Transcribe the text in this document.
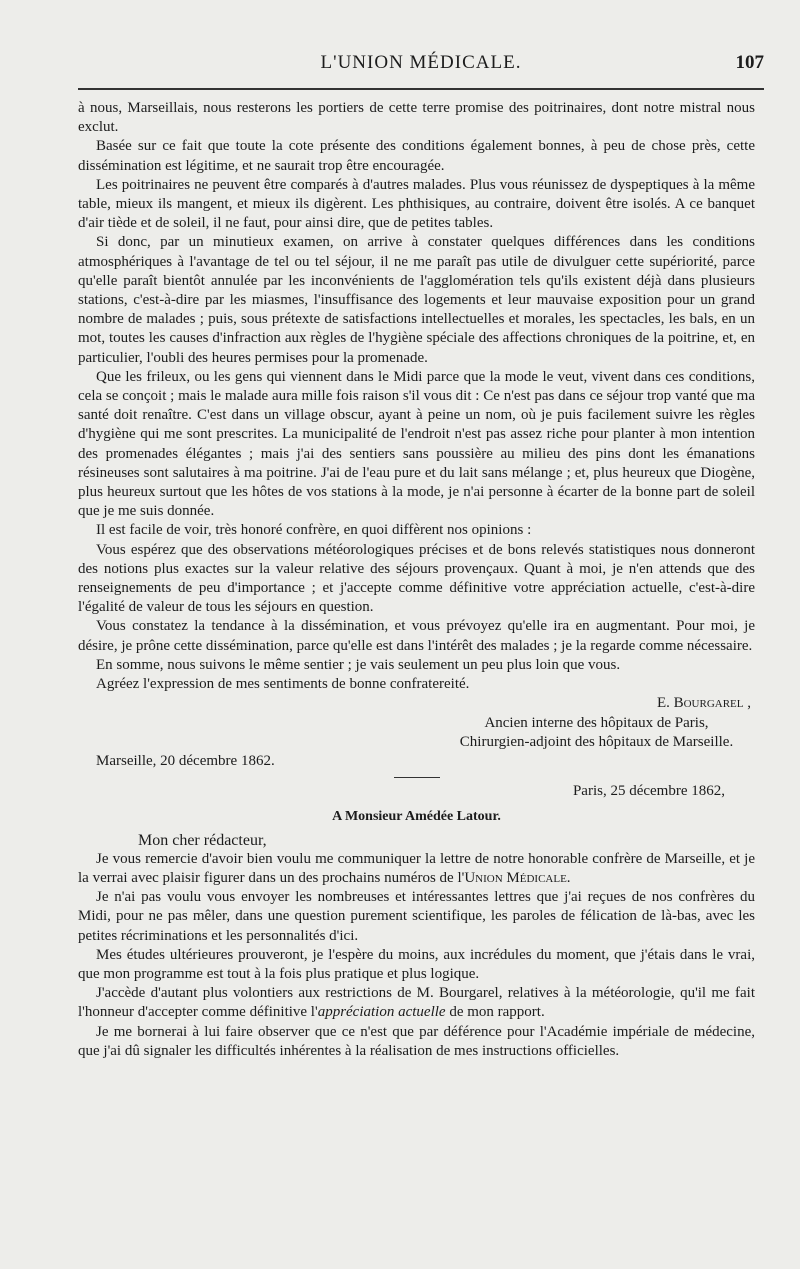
L'UNION MÉDICALE.	107

à nous, Marseillais, nous resterons les portiers de cette terre promise des poitrinaires, dont notre mistral nous exclut.

Basée sur ce fait que toute la cote présente des conditions également bonnes, à peu de chose près, cette dissémination est légitime, et ne saurait trop être encouragée.

Les poitrinaires ne peuvent être comparés à d'autres malades. Plus vous réunissez de dyspeptiques à la même table, mieux ils mangent, et mieux ils digèrent. Les phthisiques, au contraire, doivent être isolés. A ce banquet d'air tiède et de soleil, il ne faut, pour ainsi dire, que de petites tables.

Si donc, par un minutieux examen, on arrive à constater quelques différences dans les conditions atmosphériques à l'avantage de tel ou tel séjour, il ne me paraît pas utile de divulguer cette supériorité, parce qu'elle paraît bientôt annulée par les inconvénients de l'agglomération tels qu'ils existent déjà dans plusieurs stations, c'est-à-dire par les miasmes, l'insuffisance des logements et leur mauvaise exposition pour un grand nombre de malades ; puis, sous prétexte de satisfactions intellectuelles et morales, les spectacles, les bals, en un mot, toutes les causes d'infraction aux règles de l'hygiène spéciale des affections chroniques de la poitrine, et, en particulier, l'oubli des heures permises pour la promenade.

Que les frileux, ou les gens qui viennent dans le Midi parce que la mode le veut, vivent dans ces conditions, cela se conçoit ; mais le malade aura mille fois raison s'il vous dit : Ce n'est pas dans ce séjour trop vanté que ma santé doit renaître. C'est dans un village obscur, ayant à peine un nom, où je puis facilement suivre les règles d'hygiène qui me sont prescrites. La municipalité de l'endroit n'est pas assez riche pour planter à mon intention des promenades élégantes ; mais j'ai des sentiers sans poussière au milieu des pins dont les émanations résineuses sont salutaires à ma poitrine. J'ai de l'eau pure et du lait sans mélange ; et, plus heureux que Diogène, plus heureux surtout que les hôtes de vos stations à la mode, je n'ai personne à écarter de la bonne part de soleil que je me suis donnée.

Il est facile de voir, très honoré confrère, en quoi diffèrent nos opinions :

Vous espérez que des observations météorologiques précises et de bons relevés statistiques nous donneront des notions plus exactes sur la valeur relative des séjours provençaux. Quant à moi, je n'en attends que des renseignements de peu d'importance ; et j'accepte comme définitive votre appréciation actuelle, c'est-à-dire l'égalité de valeur de tous les séjours en question.

Vous constatez la tendance à la dissémination, et vous prévoyez qu'elle ira en augmentant. Pour moi, je désire, je prône cette dissémination, parce qu'elle est dans l'intérêt des malades ; je la regarde comme nécessaire.

En somme, nous suivons le même sentier ; je vais seulement un peu plus loin que vous.

Agréez l'expression de mes sentiments de bonne confratereité.

E. Bourgarel ,
Ancien interne des hôpitaux de Paris,
Chirurgien-adjoint des hôpitaux de Marseille.

Marseille, 20 décembre 1862.

Paris, 25 décembre 1862,
A Monsieur Amédée Latour.

Mon cher rédacteur,

Je vous remercie d'avoir bien voulu me communiquer la lettre de notre honorable confrère de Marseille, et je la verrai avec plaisir figurer dans un des prochains numéros de l'Union Médicale.

Je n'ai pas voulu vous envoyer les nombreuses et intéressantes lettres que j'ai reçues de nos confrères du Midi, pour ne pas mêler, dans une question purement scientifique, les paroles de félication de là-bas, avec les petites récriminations et les personnalités d'ici.

Mes études ultérieures prouveront, je l'espère du moins, aux incrédules du moment, que j'étais dans le vrai, que mon programme est tout à la fois plus pratique et plus logique.

J'accède d'autant plus volontiers aux restrictions de M. Bourgarel, relatives à la météorologie, qu'il me fait l'honneur d'accepter comme définitive l'appréciation actuelle de mon rapport.

Je me bornerai à lui faire observer que ce n'est que par déférence pour l'Académie impériale de médecine, que j'ai dû signaler les difficultés inhérentes à la réalisation de mes instructions officielles.
